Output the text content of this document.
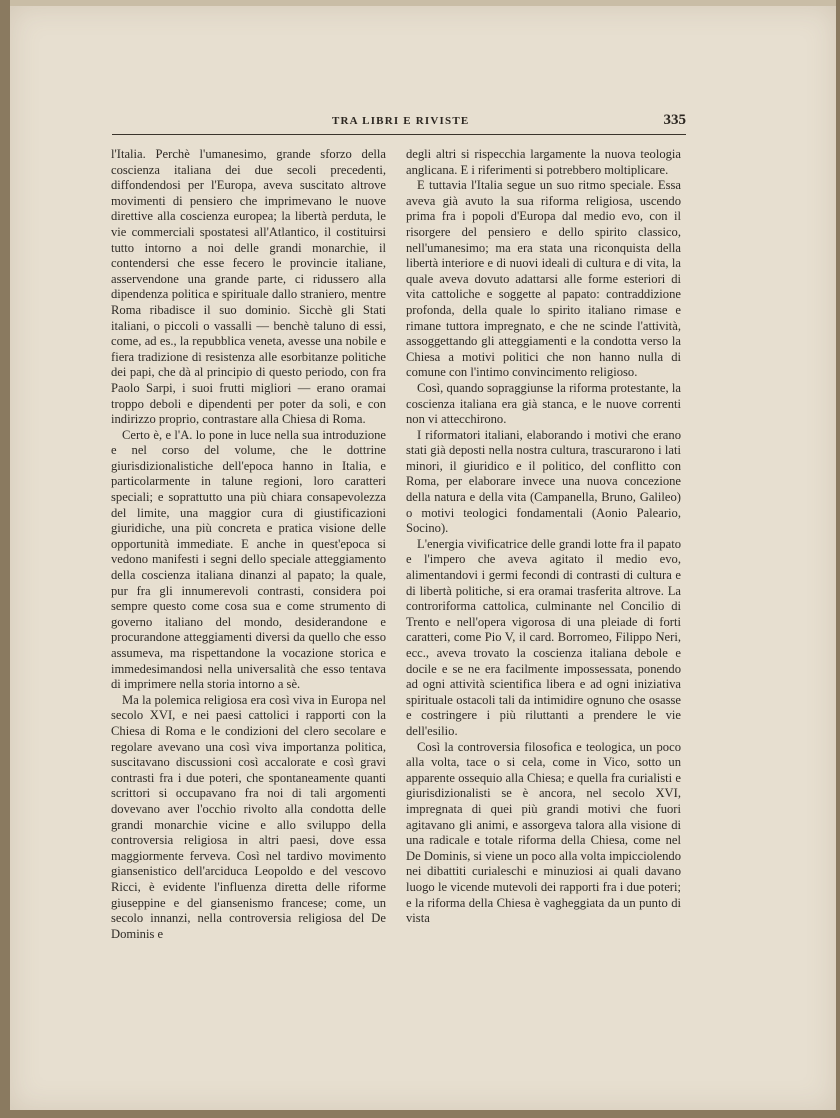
TRA LIBRI E RIVISTE	335

l'Italia. Perchè l'umanesimo, grande sforzo della coscienza italiana dei due secoli precedenti, diffondendosi per l'Europa, aveva suscitato altrove movimenti di pensiero che imprimevano le nuove direttive alla coscienza europea; la libertà perduta, le vie commerciali spostatesi all'Atlantico, il costituirsi tutto intorno a noi delle grandi monarchie, il contendersi che esse fecero le provincie italiane, asservendone una grande parte, ci ridussero alla dipendenza politica e spirituale dallo straniero, mentre Roma ribadisce il suo dominio. Sicchè gli Stati italiani, o piccoli o vassalli — benchè taluno di essi, come, ad es., la repubblica veneta, avesse una nobile e fiera tradizione di resistenza alle esorbitanze politiche dei papi, che dà al principio di questo periodo, con fra Paolo Sarpi, i suoi frutti migliori — erano oramai troppo deboli e dipendenti per poter da soli, e con indirizzo proprio, contrastare alla Chiesa di Roma.

Certo è, e l'A. lo pone in luce nella sua introduzione e nel corso del volume, che le dottrine giurisdizionalistiche dell'epoca hanno in Italia, e particolarmente in talune regioni, loro caratteri speciali; e soprattutto una più chiara consapevolezza del limite, una maggior cura di giustificazioni giuridiche, una più concreta e pratica visione delle opportunità immediate. E anche in quest'epoca si vedono manifesti i segni dello speciale atteggiamento della coscienza italiana dinanzi al papato; la quale, pur fra gli innumerevoli contrasti, considera poi sempre questo come cosa sua e come strumento di governo italiano del mondo, desiderandone e procurandone atteggiamenti diversi da quello che esso assumeva, ma rispettandone la vocazione storica e immedesimandosi nella universalità che esso tentava di imprimere nella storia intorno a sè.

Ma la polemica religiosa era così viva in Europa nel secolo XVI, e nei paesi cattolici i rapporti con la Chiesa di Roma e le condizioni del clero secolare e regolare avevano una così viva importanza politica, suscitavano discussioni così accalorate e così gravi contrasti fra i due poteri, che spontaneamente quanti scrittori si occupavano fra noi di tali argomenti dovevano aver l'occhio rivolto alla condotta delle grandi monarchie vicine e allo sviluppo della controversia religiosa in altri paesi, dove essa maggiormente ferveva. Così nel tardivo movimento giansenistico dell'arciduca Leopoldo e del vescovo Ricci, è evidente l'influenza diretta delle riforme giuseppine e del giansenismo francese; come, un secolo innanzi, nella controversia religiosa del De Dominis e

degli altri si rispecchia largamente la nuova teologia anglicana. E i riferimenti si potrebbero moltiplicare.

E tuttavia l'Italia segue un suo ritmo speciale. Essa aveva già avuto la sua riforma religiosa, uscendo prima fra i popoli d'Europa dal medio evo, con il risorgere del pensiero e dello spirito classico, nell'umanesimo; ma era stata una riconquista della libertà interiore e di nuovi ideali di cultura e di vita, la quale aveva dovuto adattarsi alle forme esteriori di vita cattoliche e soggette al papato: contraddizione profonda, della quale lo spirito italiano rimase e rimane tuttora impregnato, e che ne scinde l'attività, assoggettando gli atteggiamenti e la condotta verso la Chiesa a motivi politici che non hanno nulla di comune con l'intimo convincimento religioso.

Così, quando sopraggiunse la riforma protestante, la coscienza italiana era già stanca, e le nuove correnti non vi attecchirono.

I riformatori italiani, elaborando i motivi che erano stati già deposti nella nostra cultura, trascurarono i lati minori, il giuridico e il politico, del conflitto con Roma, per elaborare invece una nuova concezione della natura e della vita (Campanella, Bruno, Galileo) o motivi teologici fondamentali (Aonio Paleario, Socino).

L'energia vivificatrice delle grandi lotte fra il papato e l'impero che aveva agitato il medio evo, alimentandovi i germi fecondi di contrasti di cultura e di libertà politiche, si era oramai trasferita altrove. La controriforma cattolica, culminante nel Concilio di Trento e nell'opera vigorosa di una pleiade di forti caratteri, come Pio V, il card. Borromeo, Filippo Neri, ecc., aveva trovato la coscienza italiana debole e docile e se ne era facilmente impossessata, ponendo ad ogni attività scientifica libera e ad ogni iniziativa spirituale ostacoli tali da intimidire ognuno che osasse e costringere i più riluttanti a prendere le vie dell'esilio.

Così la controversia filosofica e teologica, un poco alla volta, tace o si cela, come in Vico, sotto un apparente ossequio alla Chiesa; e quella fra curialisti e giurisdizionalisti se è ancora, nel secolo XVI, impregnata di quei più grandi motivi che fuori agitavano gli animi, e assorgeva talora alla visione di una radicale e totale riforma della Chiesa, come nel De Dominis, si viene un poco alla volta impicciolendo nei dibattiti curialeschi e minuziosi ai quali davano luogo le vicende mutevoli dei rapporti fra i due poteri; e la riforma della Chiesa è vagheggiata da un punto di vista
